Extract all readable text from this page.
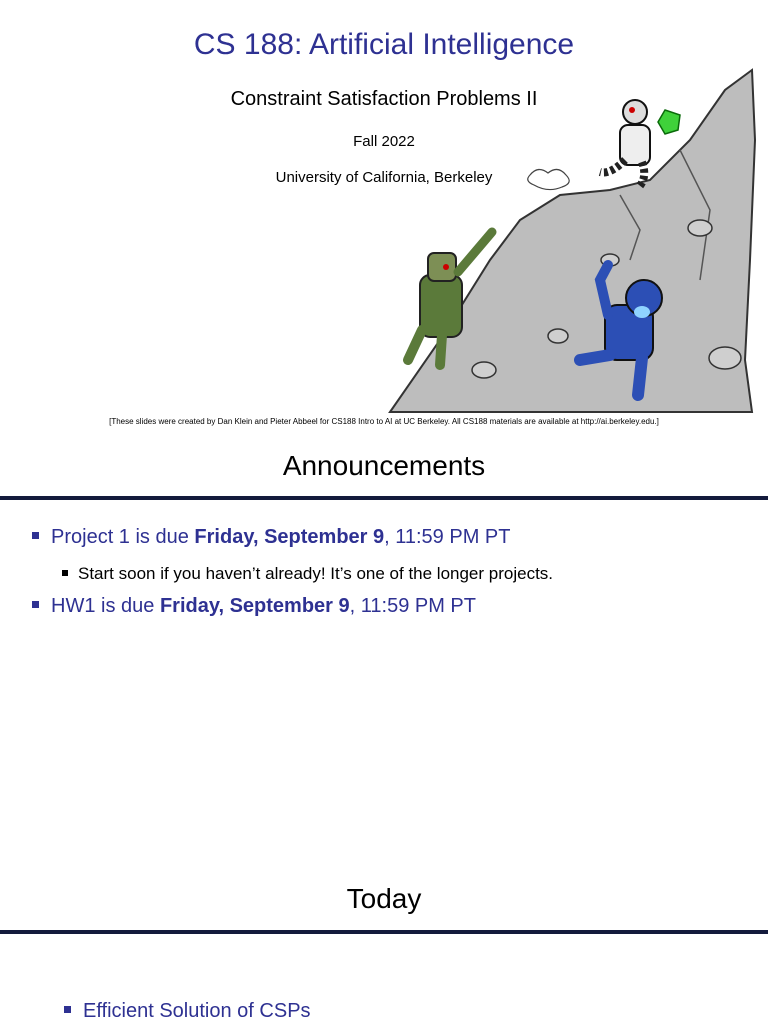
CS 188: Artificial Intelligence
Constraint Satisfaction Problems II
Fall 2022
University of California, Berkeley
[These slides were created by Dan Klein and Pieter Abbeel for CS188 Intro to AI at UC Berkeley. All CS188 materials are available at http://ai.berkeley.edu.]
Announcements
Project 1 is due Friday, September 9, 11:59 PM PT
Start soon if you haven’t already! It’s one of the longer projects.
HW1 is due Friday, September 9, 11:59 PM PT
Today
Efficient Solution of CSPs
